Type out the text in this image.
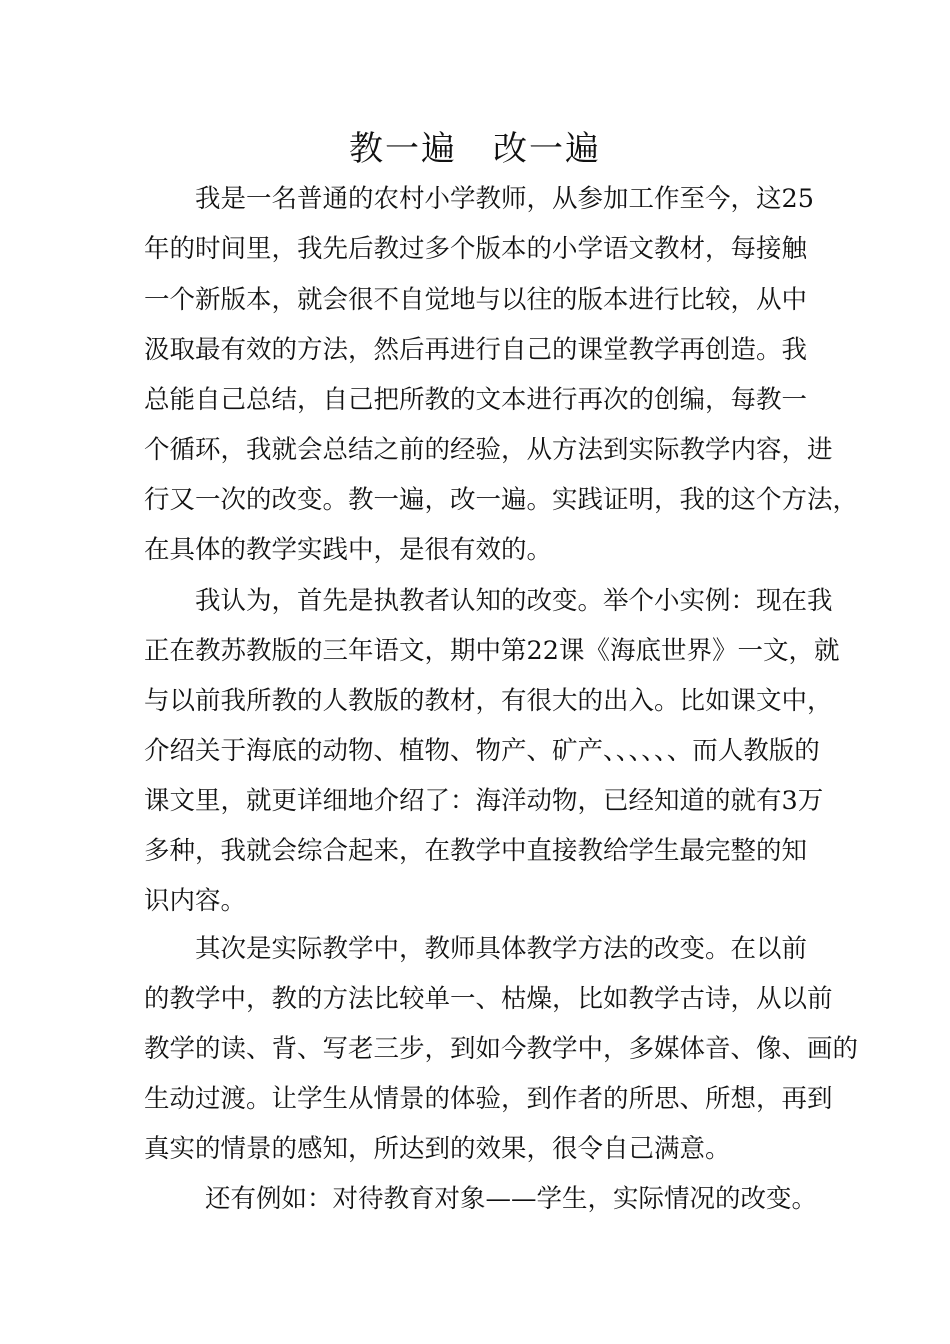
教一遍　改一遍
我是一名普通的农村小学教师，从参加工作至今，这25
年的时间里，我先后教过多个版本的小学语文教材，每接触
一个新版本，就会很不自觉地与以往的版本进行比较，从中
汲取最有效的方法，然后再进行自己的课堂教学再创造。我
总能自己总结，自己把所教的文本进行再次的创编，每教一
个循环，我就会总结之前的经验，从方法到实际教学内容，进
行又一次的改变。教一遍，改一遍。实践证明，我的这个方法，
在具体的教学实践中，是很有效的。
我认为，首先是执教者认知的改变。举个小实例：现在我
正在教苏教版的三年语文，期中第22课《海底世界》一文，就
与以前我所教的人教版的教材，有很大的出入。比如课文中，
介绍关于海底的动物、植物、物产、矿产、、、、、、而人教版的
课文里，就更详细地介绍了：海洋动物，已经知道的就有3万
多种，我就会综合起来，在教学中直接教给学生最完整的知
识内容。
其次是实际教学中，教师具体教学方法的改变。在以前
的教学中，教的方法比较单一、枯燥，比如教学古诗，从以前
教学的读、背、写老三步，到如今教学中，多媒体音、像、画的
生动过渡。让学生从情景的体验，到作者的所思、所想，再到
真实的情景的感知，所达到的效果，很令自己满意。
还有例如：对待教育对象——学生，实际情况的改变。
